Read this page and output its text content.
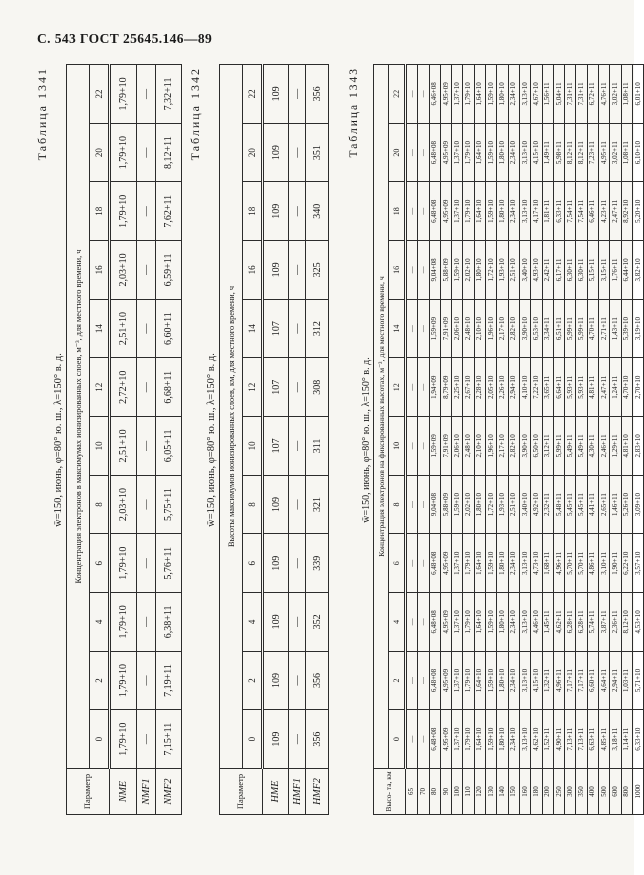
С. 543 ГОСТ 25645.146—89
Таблица 1341
w̄=150, июнь, φ=80° ю. ш., λ=150° в. д.
Параметр	Концентрация электронов в максимумах ионизированных слоев, м⁻³, для местного времени, ч											
	0	2	4	6	8	10	12	14	16	18	20	22
NME	1,79+10	1,79+10	1,79+10	1,79+10	2,03+10	2,51+10	2,72+10	2,51+10	2,03+10	1,79+10	1,79+10	1,79+10
NMF1	—	—	—	—	—	—	—	—	—	—	—	—
NMF2	7,15+11	7,19+11	6,38+11	5,76+11	5,75+11	6,05+11	6,68+11	6,60+11	6,59+11	7,62+11	8,12+11	7,32+11 Таблица 1342
w̄=150, июнь, φ=80° ю. ш., λ=150° в. д.
Параметр	Высоты максимумов ионизированных слоев, км, для местного времени, ч											
	0	2	4	6	8	10	12	14	16	18	20	22
HME	109	109	109	109	109	107	107	107	109	109	109	109
HMF1	—	—	—	—	—	—	—	—	—	—	—	—
HMF2	356	356	352	339	321	311	308	312	325	340	351	356 Таблица 1343
w̄=150, июнь, φ=80° ю. ш., λ=150° в. д.
Высо- та, км	Концентрация электронов на фиксированных высотах, м⁻³, для местного времени, ч											
	0	2	4	6	8	10	12	14	16	18	20	22
65	—	—	—	—	—	—	—	—	—	—	—	—
70	—	—	—	—	—	—	—	—	—	—	—	—
80	6,48+08	6,48+08	6,48+08	6,48+08	9,04+08	1,59+09	1,94+09	1,59+09	9,04+08	6,48+08	6,48+08	6,46+08
90	4,95+09	4,95+09	4,95+09	4,95+09	5,88+09	7,91+09	8,79+09	7,91+09	5,88+09	4,95+09	4,95+09	4,95+09
100	1,37+10	1,37+10	1,37+10	1,37+10	1,59+10	2,06+10	2,25+10	2,06+10	1,59+10	1,37+10	1,37+10	1,37+10
110	1,79+10	1,79+10	1,79+10	1,79+10	2,02+10	2,48+10	2,67+10	2,48+10	2,02+10	1,79+10	1,79+10	1,79+10
120	1,64+10	1,64+10	1,64+10	1,64+10	1,80+10	2,10+10	2,28+10	2,10+10	1,80+10	1,64+10	1,64+10	1,64+10
130	1,59+10	1,59+10	1,59+10	1,59+10	1,72+10	1,96+10	2,05+10	1,96+10	1,72+10	1,59+10	1,59+10	1,59+10
140	1,80+10	1,80+10	1,80+10	1,80+10	1,93+10	2,17+10	2,26+10	2,17+10	1,93+10	1,80+10	1,80+10	1,80+10
150	2,34+10	2,34+10	2,34+10	2,34+10	2,51+10	2,82+10	2,94+10	2,82+10	2,51+10	2,34+10	2,34+10	2,34+10
160	3,13+10	3,13+10	3,13+10	3,13+10	3,40+10	3,90+10	4,10+10	3,90+10	3,40+10	3,13+10	3,13+10	3,13+10
180	4,62+10	4,15+10	4,46+10	4,73+10	4,92+10	6,50+10	7,22+10	6,53+10	4,93+10	4,17+10	4,15+10	4,67+10
200	1,52+11	1,32+11	1,45+11	1,68+11	2,32+11	3,12+11	3,65+11	3,34+11	2,42+11	1,81+11	1,49+11	1,56+11
250	4,90+11	4,96+11	4,62+11	4,96+11	5,48+11	5,99+11	6,64+11	6,51+11	6,17+11	6,33+11	5,98+11	5,04+11
300	7,13+11	7,17+11	6,28+11	5,70+11	5,45+11	5,49+11	5,93+11	5,99+11	6,30+11	7,54+11	8,12+11	7,31+11
350	7,13+11	7,17+11	6,28+11	5,70+11	5,45+11	5,49+11	5,93+11	5,99+11	6,30+11	7,54+11	8,12+11	7,31+11
400	6,63+11	6,60+11	5,74+11	4,86+11	4,41+11	4,30+11	4,81+11	4,70+11	5,15+11	6,46+11	7,23+11	6,72+11
500	4,85+11	4,64+11	3,87+11	3,10+11	2,65+11	2,46+11	2,47+11	2,71+11	3,15+11	4,23+11	4,95+11	4,76+11
600	3,18+11	2,94+11	2,36+11	1,90+11	1,46+11	1,29+11	1,24+11	1,43+11	1,76+11	2,47+11	3,02+11	3,02+11
800	1,14+11	1,03+11	8,12+10	6,22+10	5,26+10	4,81+10	4,70+10	5,39+10	6,44+10	8,92+10	1,08+11	1,08+11
1000	6,33+10	5,71+10	4,53+10	3,57+10	3,09+10	2,83+10	2,70+10	3,19+10	3,82+10	5,20+10	6,10+10	6,01+10
